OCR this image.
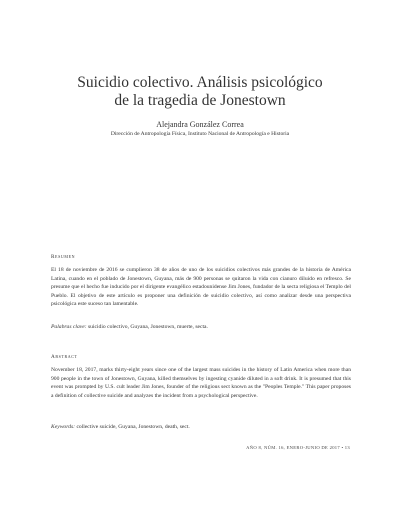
Suicidio colectivo. Análisis psicológico
de la tragedia de Jonestown
Alejandra González Correa
Dirección de Antropología Física, Instituto Nacional de Antropología e Historia
Resumen
El 18 de noviembre de 2016 se cumplieron 38 de años de uno de los suicidios colectivos más grandes de la historia de América Latina, cuando en el poblado de Jonestown, Guyana, más de 900 personas se quitaron la vida con cianuro diluido en refresco. Se presume que el hecho fue inducido por el dirigente evangélico estadounidense Jim Jones, fundador de la secta religiosa el Templo del Pueblo. El objetivo de este artículo es proponer una definición de suicidio colectivo, así como analizar desde una perspectiva psicológica este suceso tan lamentable.
Palabras clave: suicidio colectivo, Guyana, Jonestown, muerte, secta.
Abstract
November 18, 2017, marks thirty-eight years since one of the largest mass suicides in the history of Latin America when more than 900 people in the town of Jonestown, Guyana, killed themselves by ingesting cyanide diluted in a soft drink. It is presumed that this event was prompted by U.S. cult leader Jim Jones, founder of the religious sect known as the "Peoples Temple." This paper proposes a definition of collective suicide and analyzes the incident from a psychological perspective.
Keywords: collective suicide, Guyana, Jonestown, death, sect.
AÑO 8, NÚM. 16, ENERO-JUNIO DE 2017 • 13
